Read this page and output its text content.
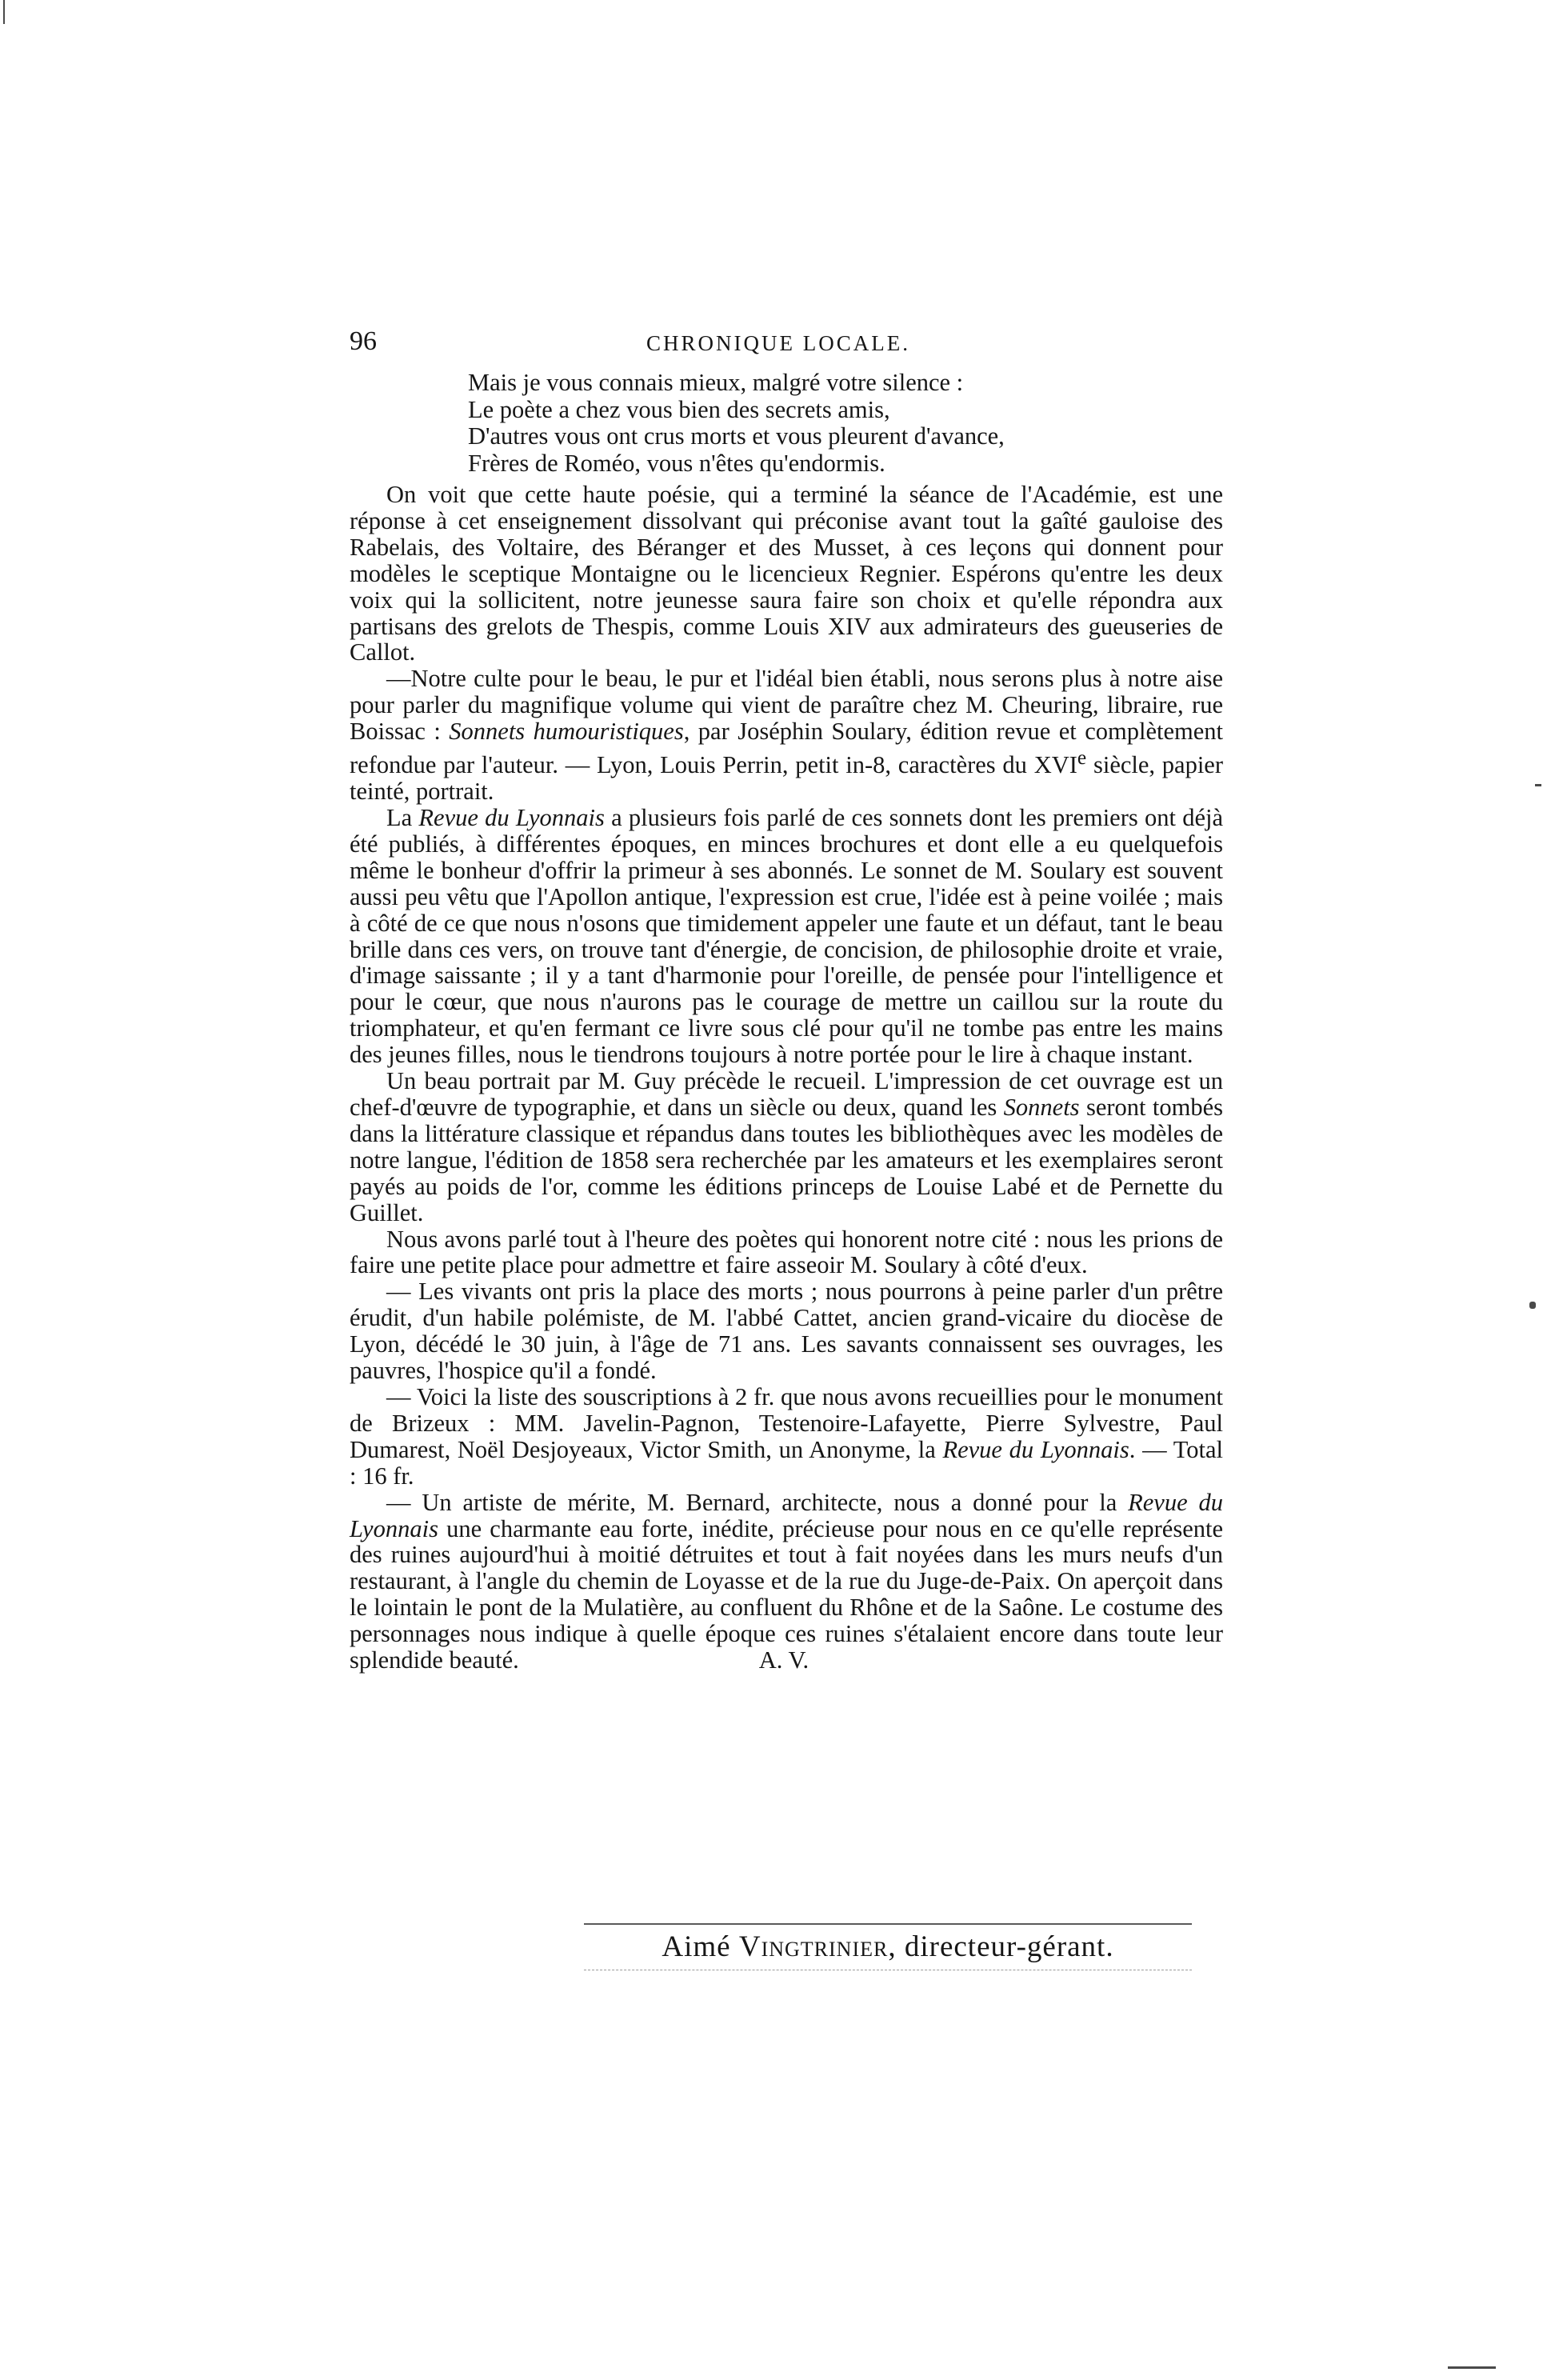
96	CHRONIQUE LOCALE.
Mais je vous connais mieux, malgré votre silence :
Le poète a chez vous bien des secrets amis,
D'autres vous ont crus morts et vous pleurent d'avance,
Frères de Roméo, vous n'êtes qu'endormis.

On voit que cette haute poésie, qui a terminé la séance de l'Académie, est une réponse à cet enseignement dissolvant qui préconise avant tout la gaîté gauloise des Rabelais, des Voltaire, des Béranger et des Musset, à ces leçons qui donnent pour modèles le sceptique Montaigne ou le licencieux Regnier. Espérons qu'entre les deux voix qui la sollicitent, notre jeunesse saura faire son choix et qu'elle répondra aux partisans des grelots de Thespis, comme Louis XIV aux admirateurs des gueuseries de Callot.

—Notre culte pour le beau, le pur et l'idéal bien établi, nous serons plus à notre aise pour parler du magnifique volume qui vient de paraître chez M. Cheuring, libraire, rue Boissac : Sonnets humouristiques, par Joséphin Soulary, édition revue et complètement refondue par l'auteur. — Lyon, Louis Perrin, petit in-8, caractères du XVIe siècle, papier teinté, portrait.

La Revue du Lyonnais a plusieurs fois parlé de ces sonnets dont les premiers ont déjà été publiés, à différentes époques, en minces brochures et dont elle a eu quelquefois même le bonheur d'offrir la primeur à ses abonnés. Le sonnet de M. Soulary est souvent aussi peu vêtu que l'Apollon antique, l'expression est crue, l'idée est à peine voilée ; mais à côté de ce que nous n'osons que timidement appeler une faute et un défaut, tant le beau brille dans ces vers, on trouve tant d'énergie, de concision, de philosophie droite et vraie, d'image saissante ; il y a tant d'harmonie pour l'oreille, de pensée pour l'intelligence et pour le cœur, que nous n'aurons pas le courage de mettre un caillou sur la route du triomphateur, et qu'en fermant ce livre sous clé pour qu'il ne tombe pas entre les mains des jeunes filles, nous le tiendrons toujours à notre portée pour le lire à chaque instant.

Un beau portrait par M. Guy précède le recueil. L'impression de cet ouvrage est un chef-d'œuvre de typographie, et dans un siècle ou deux, quand les Sonnets seront tombés dans la littérature classique et répandus dans toutes les bibliothèques avec les modèles de notre langue, l'édition de 1858 sera recherchée par les amateurs et les exemplaires seront payés au poids de l'or, comme les éditions princeps de Louise Labé et de Pernette du Guillet.

Nous avons parlé tout à l'heure des poètes qui honorent notre cité : nous les prions de faire une petite place pour admettre et faire asseoir M. Soulary à côté d'eux.

— Les vivants ont pris la place des morts ; nous pourrons à peine parler d'un prêtre érudit, d'un habile polémiste, de M. l'abbé Cattet, ancien grand-vicaire du diocèse de Lyon, décédé le 30 juin, à l'âge de 71 ans. Les savants connaissent ses ouvrages, les pauvres, l'hospice qu'il a fondé.

— Voici la liste des souscriptions à 2 fr. que nous avons recueillies pour le monument de Brizeux : MM. Javelin-Pagnon, Testenoire-Lafayette, Pierre Sylvestre, Paul Dumarest, Noël Desjoyeaux, Victor Smith, un Anonyme, la Revue du Lyonnais. — Total : 16 fr.

— Un artiste de mérite, M. Bernard, architecte, nous a donné pour la Revue du Lyonnais une charmante eau forte, inédite, précieuse pour nous en ce qu'elle représente des ruines aujourd'hui à moitié détruites et tout à fait noyées dans les murs neufs d'un restaurant, à l'angle du chemin de Loyasse et de la rue du Juge-de-Paix. On aperçoit dans le lointain le pont de la Mulatière, au confluent du Rhône et de la Saône. Le costume des personnages nous indique à quelle époque ces ruines s'étalaient encore dans toute leur splendide beauté.	A. V.

Aimé Vingtrinier, directeur-gérant.
